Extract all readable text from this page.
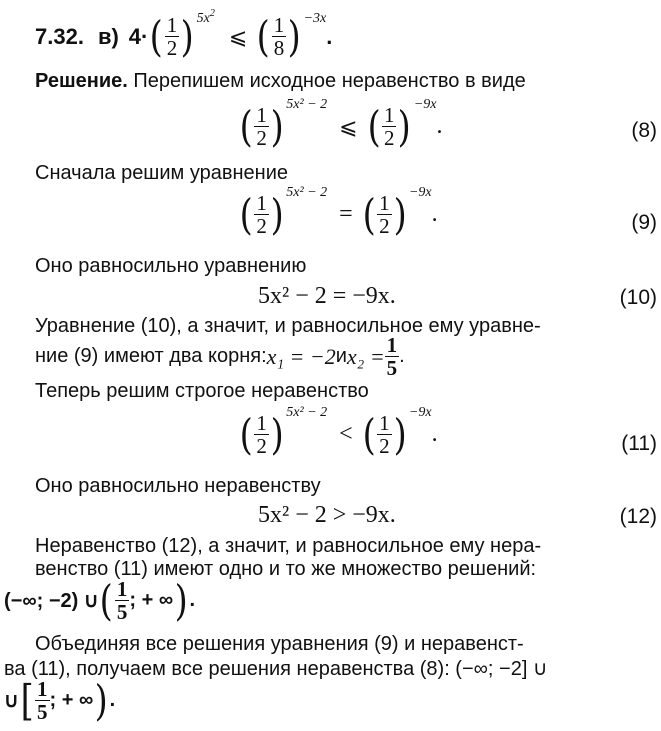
7.32. в) 4· ( $\frac{1}{2}$ ) $5x^2$
⩽ ( $\frac{1}{8}$ ) −3x
.
Решение. Перепишем исходное неравенство в виде
( $\frac{1}{2}$ ) 5x² − 2
⩽ ( $\frac{1}{2}$ ) −9x
.	(8)
Сначала решим уравнение
( $\frac{1}{2}$ ) 5x² − 2
= ( $\frac{1}{2}$ ) −9x
.	(9)
Оно равносильно уравнению
5x² − 2 = −9x.	(10)
Уравнение (10), а значит, и равносильное ему уравне-
ние (9) имеют два корня: x₁ = −2 и $x_2 = \frac{1}{5}$ .
Теперь решим строгое неравенство
( $\frac{1}{2}$ ) 5x² − 2
< ( $\frac{1}{2}$ ) −9x
.	(11)
Оно равносильно неравенству
5x² − 2 > −9x.	(12)
Неравенство (12), а значит, и равносильное ему нера-
венство (11) имеют одно и то же множество решений:
(−∞; −2) ∪ ( $\frac{1}{5}$ ; + ∞ ) .
Объединяя все решения уравнения (9) и неравенст-
ва (11), получаем все решения неравенства (8): (−∞; −2] ∪
∪ [ $\frac{1}{5}$ ; + ∞ ) .
